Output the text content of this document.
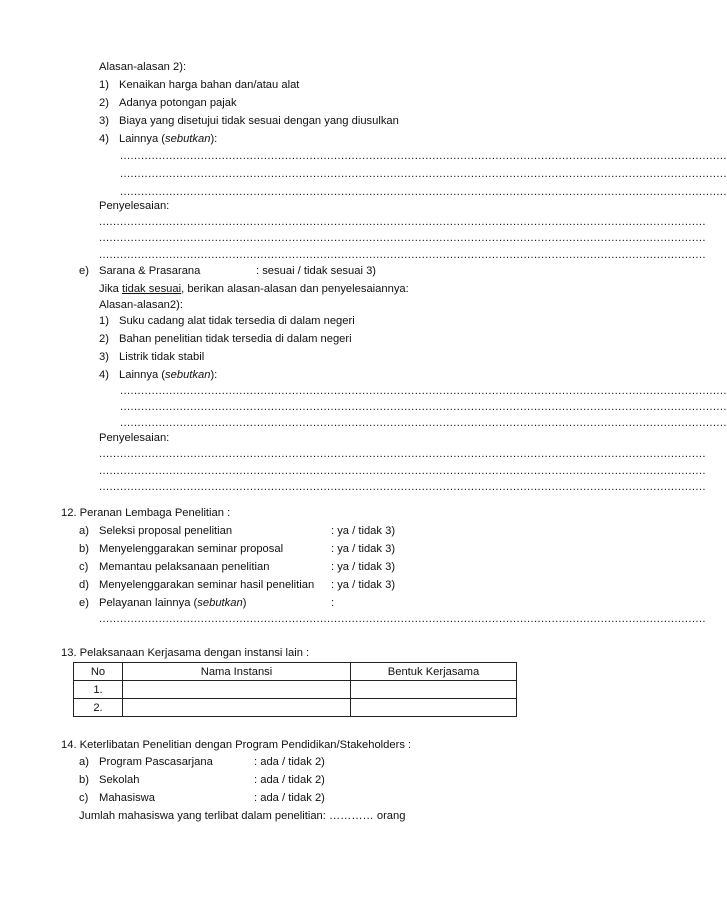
Alasan-alasan 2):
1) Kenaikan harga bahan dan/atau alat
2) Adanya potongan pajak
3) Biaya yang disetujui tidak sesuai dengan yang diusulkan
4) Lainnya (sebutkan):
.............................................................................................................................................................................
.............................................................................................................................................................................
.............................................................................................................................................................................
Penyelesaian:
.............................................................................................................................................................................
.............................................................................................................................................................................
.............................................................................................................................................................................
e) Sarana & Prasarana	: sesuai / tidak sesuai 3)
Jika tidak sesuai, berikan alasan-alasan dan penyelesaiannya:
Alasan-alasan2):
1) Suku cadang alat tidak tersedia di dalam negeri
2) Bahan penelitian tidak tersedia di dalam negeri
3) Listrik tidak stabil
4) Lainnya (sebutkan):
.............................................................................................................................................................................
.............................................................................................................................................................................
.............................................................................................................................................................................
Penyelesaian:
.............................................................................................................................................................................
.............................................................................................................................................................................
.............................................................................................................................................................................
12. Peranan Lembaga Penelitian :
a) Seleksi proposal penelitian	: ya / tidak 3)
b) Menyelenggarakan seminar proposal	: ya / tidak 3)
c) Memantau pelaksanaan penelitian	: ya / tidak 3)
d) Menyelenggarakan seminar hasil penelitian : ya / tidak 3)
e) Pelayanan lainnya (sebutkan)	:
.............................................................................................................................................................................
13. Pelaksanaan Kerjasama dengan instansi lain :
No	Nama Instansi	Bentuk Kerjasama
1.		
2.		
14. Keterlibatan Penelitian dengan Program Pendidikan/Stakeholders :
a) Program Pascasarjana	: ada / tidak 2)
b) Sekolah	: ada / tidak 2)
c) Mahasiswa	: ada / tidak 2)
Jumlah mahasiswa yang terlibat dalam penelitian: ………… orang
